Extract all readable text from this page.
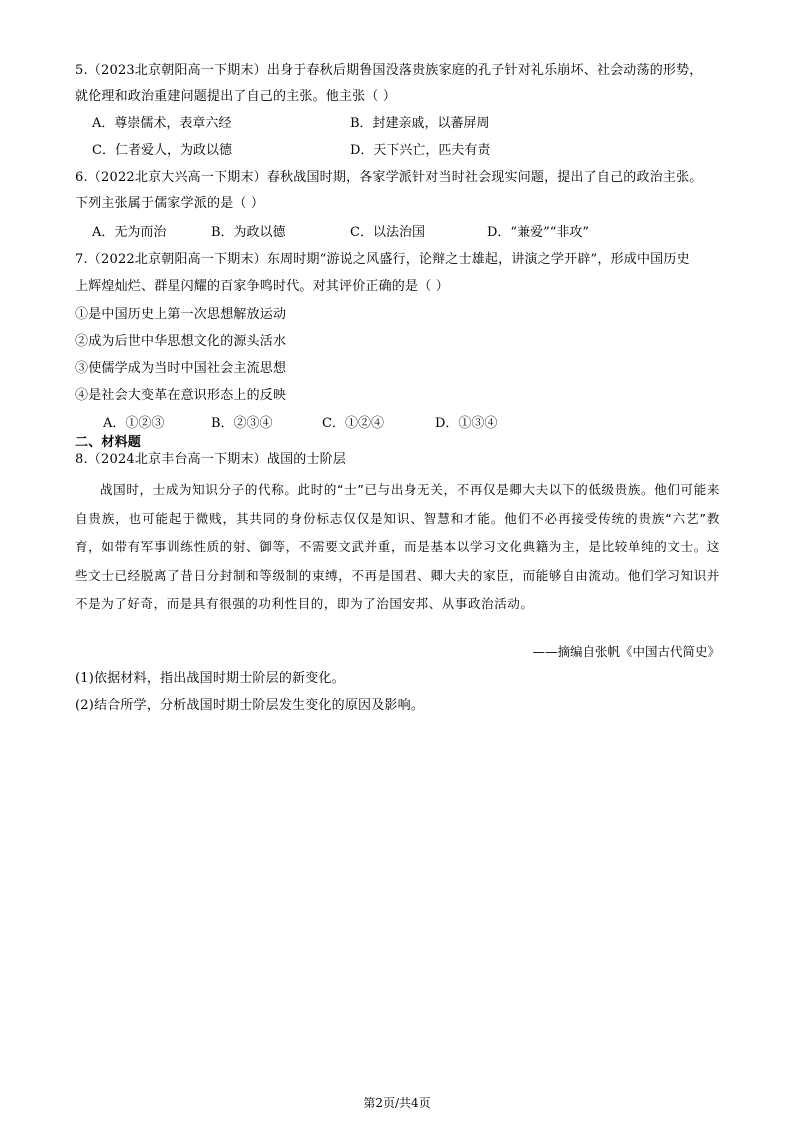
5.（2023北京朝阳高一下期末）出身于春秋后期鲁国没落贵族家庭的孔子针对礼乐崩坏、社会动荡的形势，
就伦理和政治重建问题提出了自己的主张。他主张（ ）
A．尊崇儒术，表章六经	B．封建亲戚，以蕃屏周
C．仁者爱人，为政以德	D．天下兴亡，匹夫有责
6.（2022北京大兴高一下期末）春秋战国时期，各家学派针对当时社会现实问题，提出了自己的政治主张。
下列主张属于儒家学派的是（ ）
A．无为而治	B．为政以德	C．以法治国	D．“兼爱”“非攻”
7.（2022北京朝阳高一下期末）东周时期“游说之风盛行，论辩之士雄起，讲演之学开辟”，形成中国历史
上辉煌灿烂、群星闪耀的百家争鸣时代。对其评价正确的是（ ）
①是中国历史上第一次思想解放运动
②成为后世中华思想文化的源头活水
③使儒学成为当时中国社会主流思想
④是社会大变革在意识形态上的反映
A．①②③	B．②③④	C．①②④	D．①③④
二、材料题
8.（2024北京丰台高一下期末）战国的士阶层
战国时，士成为知识分子的代称。此时的“士”已与出身无关，不再仅是卿大夫以下的低级贵族。他们可能来自贵族，也可能起于微贱，其共同的身份标志仅仅是知识、智慧和才能。他们不必再接受传统的贵族“六艺”教育，如带有军事训练性质的射、御等，不需要文武并重，而是基本以学习文化典籍为主，是比较单纯的文士。这些文士已经脱离了昔日分封制和等级制的束缚，不再是国君、卿大夫的家臣，而能够自由流动。他们学习知识并不是为了好奇，而是具有很强的功利性目的，即为了治国安邦、从事政治活动。
——摘编自张帆《中国古代简史》
(1)依据材料，指出战国时期士阶层的新变化。
(2)结合所学，分析战国时期士阶层发生变化的原因及影响。
第2页/共4页
